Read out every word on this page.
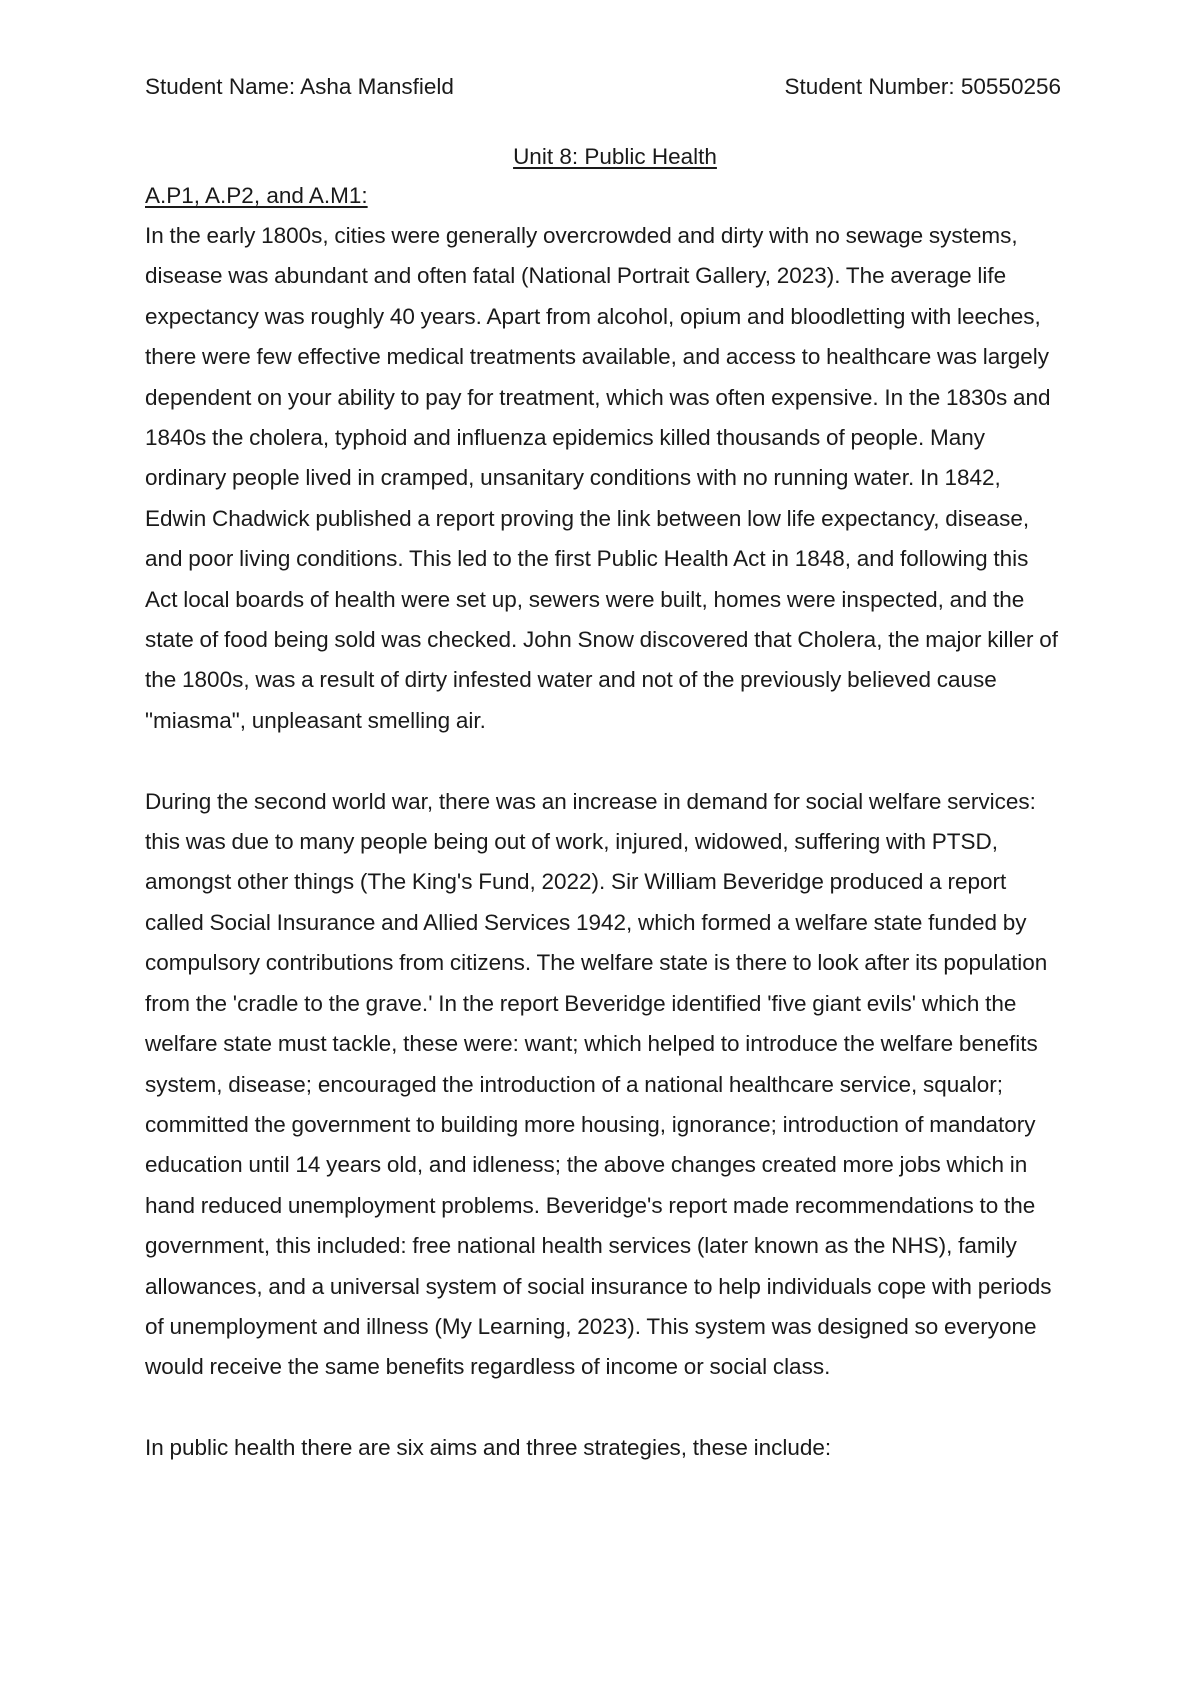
Student Name: Asha Mansfield	Student Number: 50550256
Unit 8: Public Health
A.P1, A.P2, and A.M1:

In the early 1800s, cities were generally overcrowded and dirty with no sewage systems, disease was abundant and often fatal (National Portrait Gallery, 2023). The average life expectancy was roughly 40 years. Apart from alcohol, opium and bloodletting with leeches, there were few effective medical treatments available, and access to healthcare was largely dependent on your ability to pay for treatment, which was often expensive. In the 1830s and 1840s the cholera, typhoid and influenza epidemics killed thousands of people. Many ordinary people lived in cramped, unsanitary conditions with no running water. In 1842, Edwin Chadwick published a report proving the link between low life expectancy, disease, and poor living conditions. This led to the first Public Health Act in 1848, and following this Act local boards of health were set up, sewers were built, homes were inspected, and the state of food being sold was checked. John Snow discovered that Cholera, the major killer of the 1800s, was a result of dirty infested water and not of the previously believed cause "miasma", unpleasant smelling air.

During the second world war, there was an increase in demand for social welfare services: this was due to many people being out of work, injured, widowed, suffering with PTSD, amongst other things (The King's Fund, 2022). Sir William Beveridge produced a report called Social Insurance and Allied Services 1942, which formed a welfare state funded by compulsory contributions from citizens. The welfare state is there to look after its population from the 'cradle to the grave.' In the report Beveridge identified 'five giant evils' which the welfare state must tackle, these were: want; which helped to introduce the welfare benefits system, disease; encouraged the introduction of a national healthcare service, squalor; committed the government to building more housing, ignorance; introduction of mandatory education until 14 years old, and idleness; the above changes created more jobs which in hand reduced unemployment problems. Beveridge's report made recommendations to the government, this included: free national health services (later known as the NHS), family allowances, and a universal system of social insurance to help individuals cope with periods of unemployment and illness (My Learning, 2023). This system was designed so everyone would receive the same benefits regardless of income or social class.

In public health there are six aims and three strategies, these include:
